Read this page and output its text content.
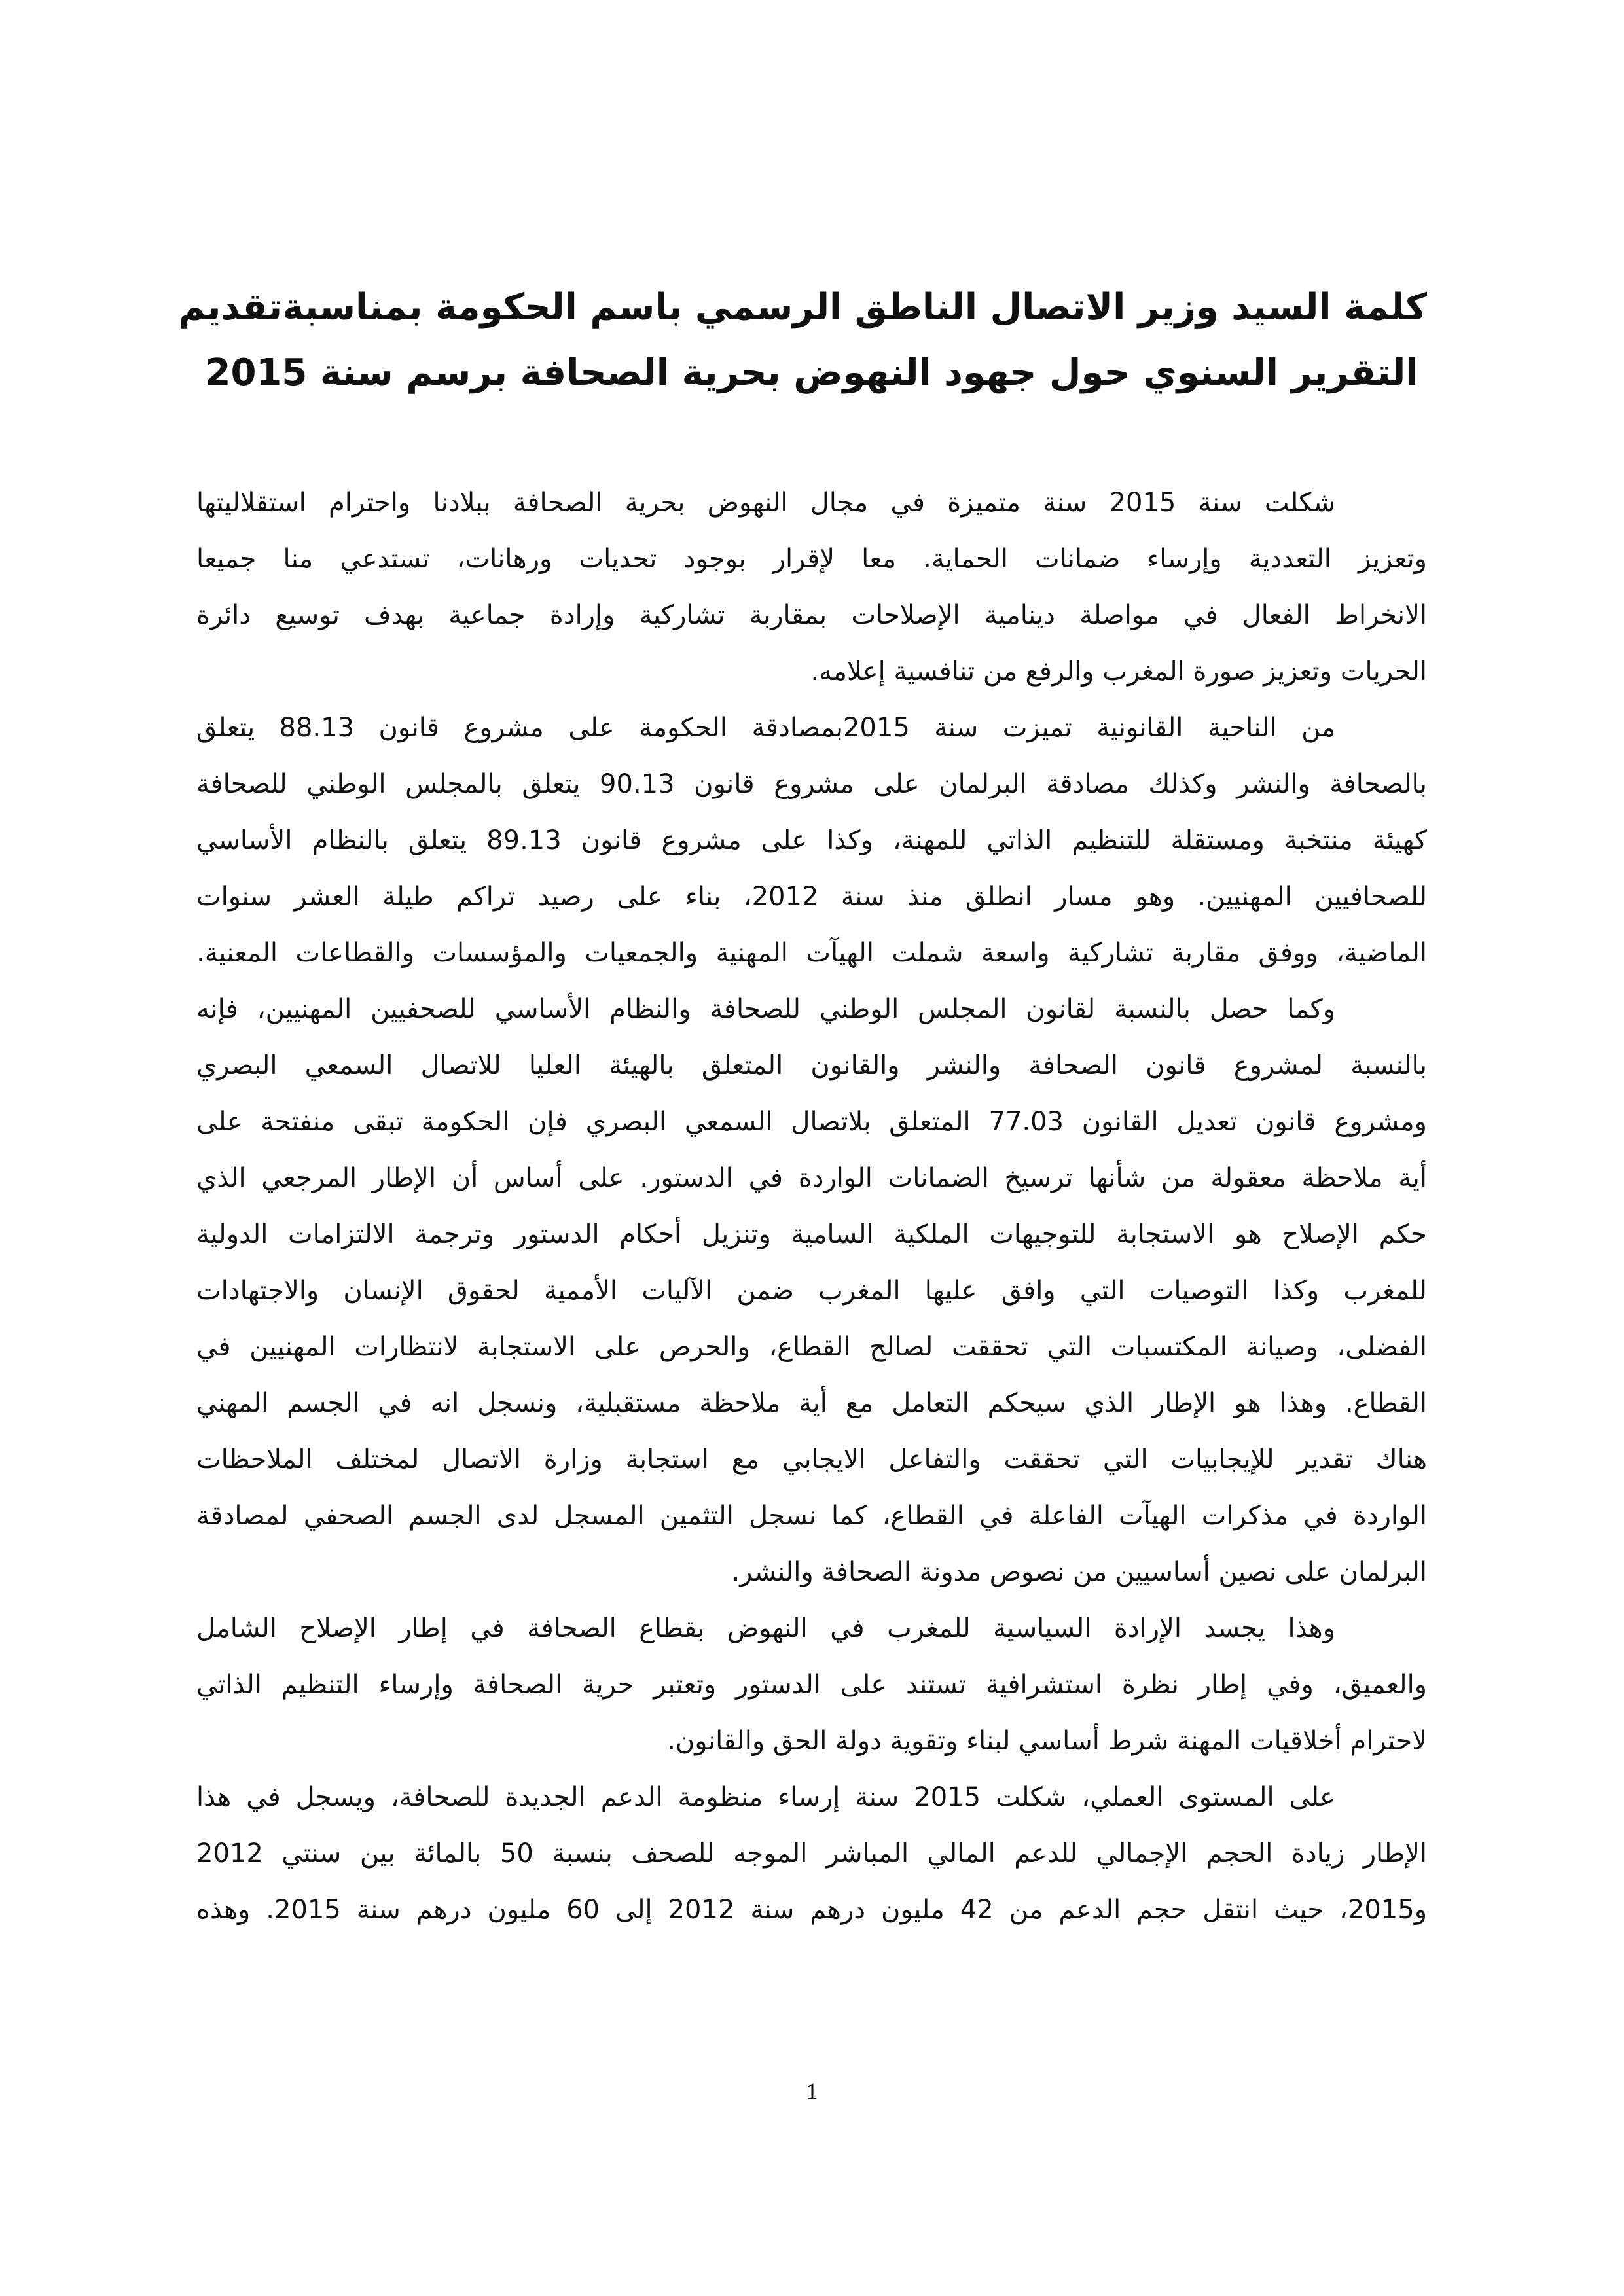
كلمة السيد وزير الاتصال الناطق الرسمي باسم الحكومة بمناسبةتقديم
التقرير السنوي حول جهود النهوض بحرية الصحافة برسم سنة 2015
شكلت سنة 2015 سنة متميزة في مجال النهوض بحرية الصحافة ببلادنا واحترام استقلاليتها
وتعزيز التعددية وإرساء ضمانات الحماية. معا لإقرار بوجود تحديات ورهانات، تستدعي منا جميعا
الانخراط الفعال في مواصلة دينامية الإصلاحات بمقاربة تشاركية وإرادة جماعية بهدف توسيع دائرة
الحريات وتعزيز صورة المغرب والرفع من تنافسية إعلامه.
من الناحية القانونية تميزت سنة 2015بمصادقة الحكومة على مشروع قانون 88.13 يتعلق
بالصحافة والنشر وكذلك مصادقة البرلمان على مشروع قانون 90.13 يتعلق بالمجلس الوطني للصحافة
كهيئة منتخبة ومستقلة للتنظيم الذاتي للمهنة، وكذا على مشروع قانون 89.13 يتعلق بالنظام الأساسي
للصحافيين المهنيين. وهو مسار انطلق منذ سنة 2012، بناء على رصيد تراكم طيلة العشر سنوات
الماضية، ووفق مقاربة تشاركية واسعة شملت الهيآت المهنية والجمعيات والمؤسسات والقطاعات المعنية.
وكما حصل بالنسبة لقانون المجلس الوطني للصحافة والنظام الأساسي للصحفيين المهنيين، فإنه
بالنسبة لمشروع قانون الصحافة والنشر والقانون المتعلق بالهيئة العليا للاتصال السمعي البصري
ومشروع قانون تعديل القانون 77.03 المتعلق بلاتصال السمعي البصري فإن الحكومة تبقى منفتحة على
أية ملاحظة معقولة من شأنها ترسيخ الضمانات الواردة في الدستور. على أساس أن الإطار المرجعي الذي
حكم الإصلاح هو الاستجابة للتوجيهات الملكية السامية وتنزيل أحكام الدستور وترجمة الالتزامات الدولية
للمغرب وكذا التوصيات التي وافق عليها المغرب ضمن الآليات الأممية لحقوق الإنسان والاجتهادات
الفضلى، وصيانة المكتسبات التي تحققت لصالح القطاع، والحرص على الاستجابة لانتظارات المهنيين في
القطاع. وهذا هو الإطار الذي سيحكم التعامل مع أية ملاحظة مستقبلية، ونسجل انه في الجسم المهني
هناك تقدير للإيجابيات التي تحققت والتفاعل الايجابي مع استجابة وزارة الاتصال لمختلف الملاحظات
الواردة في مذكرات الهيآت الفاعلة في القطاع، كما نسجل التثمين المسجل لدى الجسم الصحفي لمصادقة
البرلمان على نصين أساسيين من نصوص مدونة الصحافة والنشر.
وهذا يجسد الإرادة السياسية للمغرب في النهوض بقطاع الصحافة في إطار الإصلاح الشامل
والعميق، وفي إطار نظرة استشرافية تستند على الدستور وتعتبر حرية الصحافة وإرساء التنظيم الذاتي
لاحترام أخلاقيات المهنة شرط أساسي لبناء وتقوية دولة الحق والقانون.
على المستوى العملي، شكلت 2015 سنة إرساء منظومة الدعم الجديدة للصحافة، ويسجل في هذا
الإطار زيادة الحجم الإجمالي للدعم المالي المباشر الموجه للصحف بنسبة 50 بالمائة بين سنتي 2012
و2015، حيث انتقل حجم الدعم من 42 مليون درهم سنة 2012 إلى 60 مليون درهم سنة 2015. وهذه
1
